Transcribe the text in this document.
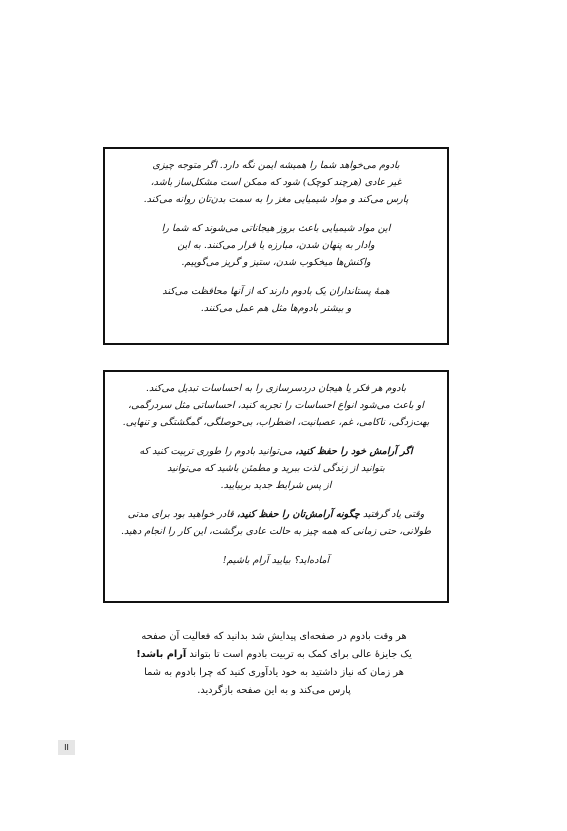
بادوم می‌خواهد شما را همیشه ایمن نگه دارد. اگر متوجه چیزی
غیر عادی (هرچند کوچک) شود که ممکن است مشکل‌ساز باشد،
پارس می‌کند و مواد شیمیایی مغز را به سمت بدن‌تان روانه می‌کند.

این مواد شیمیایی باعث بروز هیجاناتی می‌شوند که شما را
وادار به پنهان شدن، مبارزه یا فرار می‌کنند. به این
واکنش‌ها میخکوب شدن، ستیز و گریز می‌گوییم.

همهٔ پستانداران یک بادوم دارند که از آنها محافظت می‌کند
و بیشتر بادوم‌ها مثل هم عمل می‌کنند.

بادوم هر فکر یا هیجان دردسرسازی را به احساسات تبدیل می‌کند.
او باعث می‌شود انواع احساسات را تجربه کنید، احساساتی مثل سردرگمی،
بهت‌زدگی، ناکامی، غم، عصبانیت، اضطراب، بی‌حوصلگی، گمگشتگی و تنهایی.

اگر آرامش خود را حفظ کنید، می‌توانید بادوم را طوری تربیت کنید که
بتوانید از زندگی لذت ببرید و مطمئن باشید که می‌توانید
از پس شرایط جدید بربیایید.

وقتی یاد گرفتید چگونه آرامش‌تان را حفظ کنید، قادر خواهید بود برای مدتی
طولانی، حتی زمانی که همه چیز به حالت عادی برگشت، این کار را انجام دهید.

آماده‌اید؟ بیایید آرام باشیم!

هر وقت بادوم در صفحه‌ای پیدایش شد بدانید که فعالیت آن صفحه
یک جایزهٔ عالی برای کمک به تربیت بادوم است تا بتواند آرام باشد!
هر زمان که نیاز داشتید به خود یادآوری کنید که چرا بادوم به شما
پارس می‌کند و به این صفحه بازگردید.
II
